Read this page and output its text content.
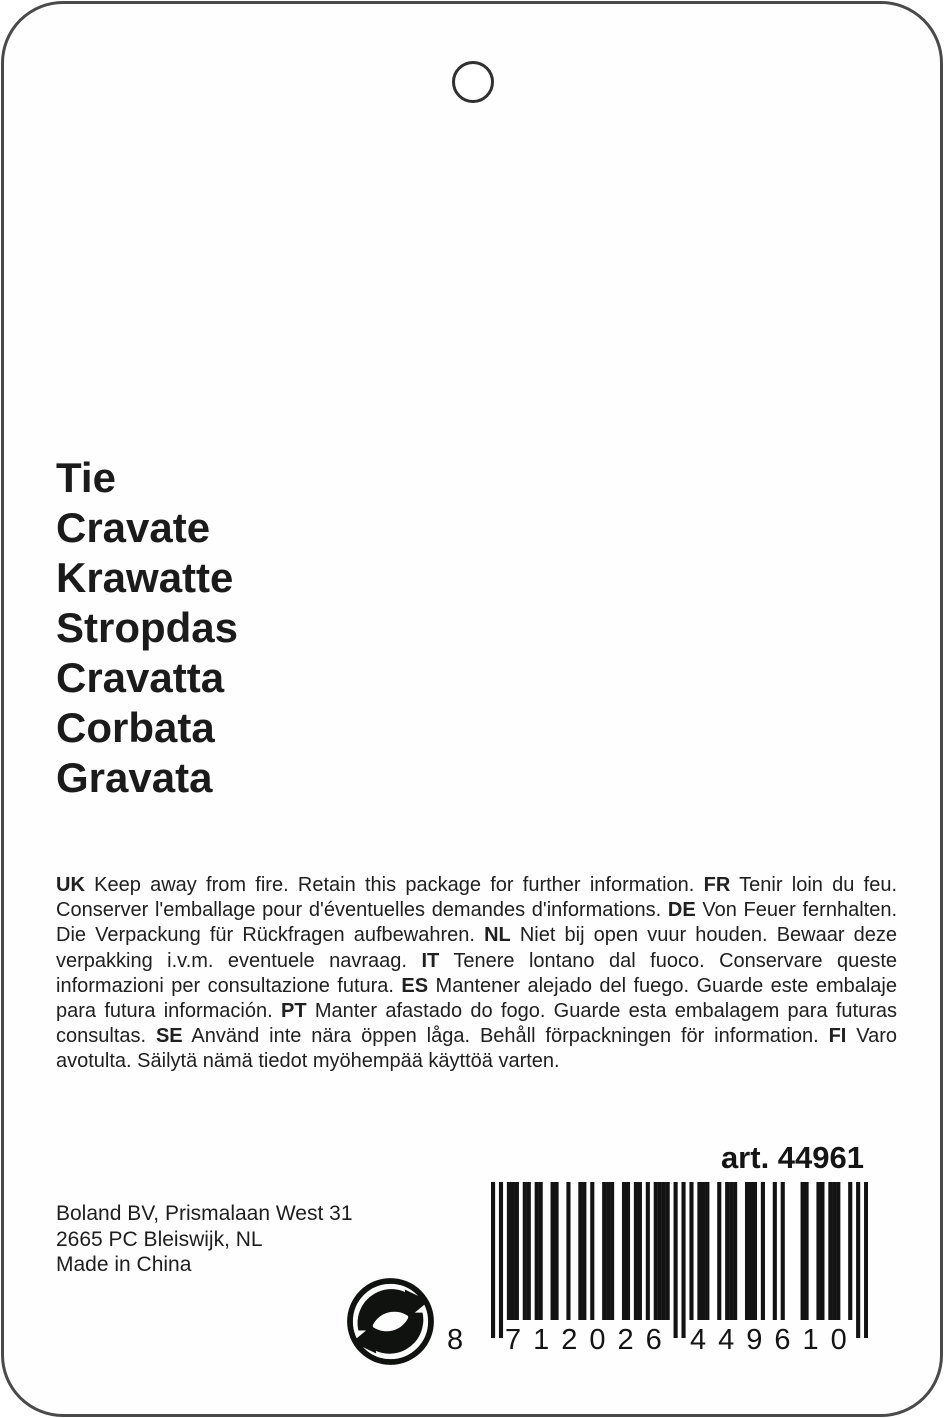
Tie
Cravate
Krawatte
Stropdas
Cravatta
Corbata
Gravata

UK Keep away from fire. Retain this package for further information. FR Tenir loin du feu. Conserver l'emballage pour d'éventuelles demandes d'informations. DE Von Feuer fernhalten. Die Verpackung für Rückfragen aufbewahren. NL Niet bij open vuur houden. Bewaar deze verpakking i.v.m. eventuele navraag. IT Tenere lontano dal fuoco. Conservare queste informazioni per consultazione futura. ES Mantener alejado del fuego. Guarde este embalaje para futura información. PT Manter afastado do fogo. Guarde esta embalagem para futuras consultas. SE Använd inte nära öppen låga. Behåll förpackningen för information. FI Varo avotulta. Säilytä nämä tiedot myöhempää käyttöä varten.

art. 44961
Boland BV, Prismalaan West 31
2665 PC Bleiswijk, NL
Made in China
8 712026 449610
